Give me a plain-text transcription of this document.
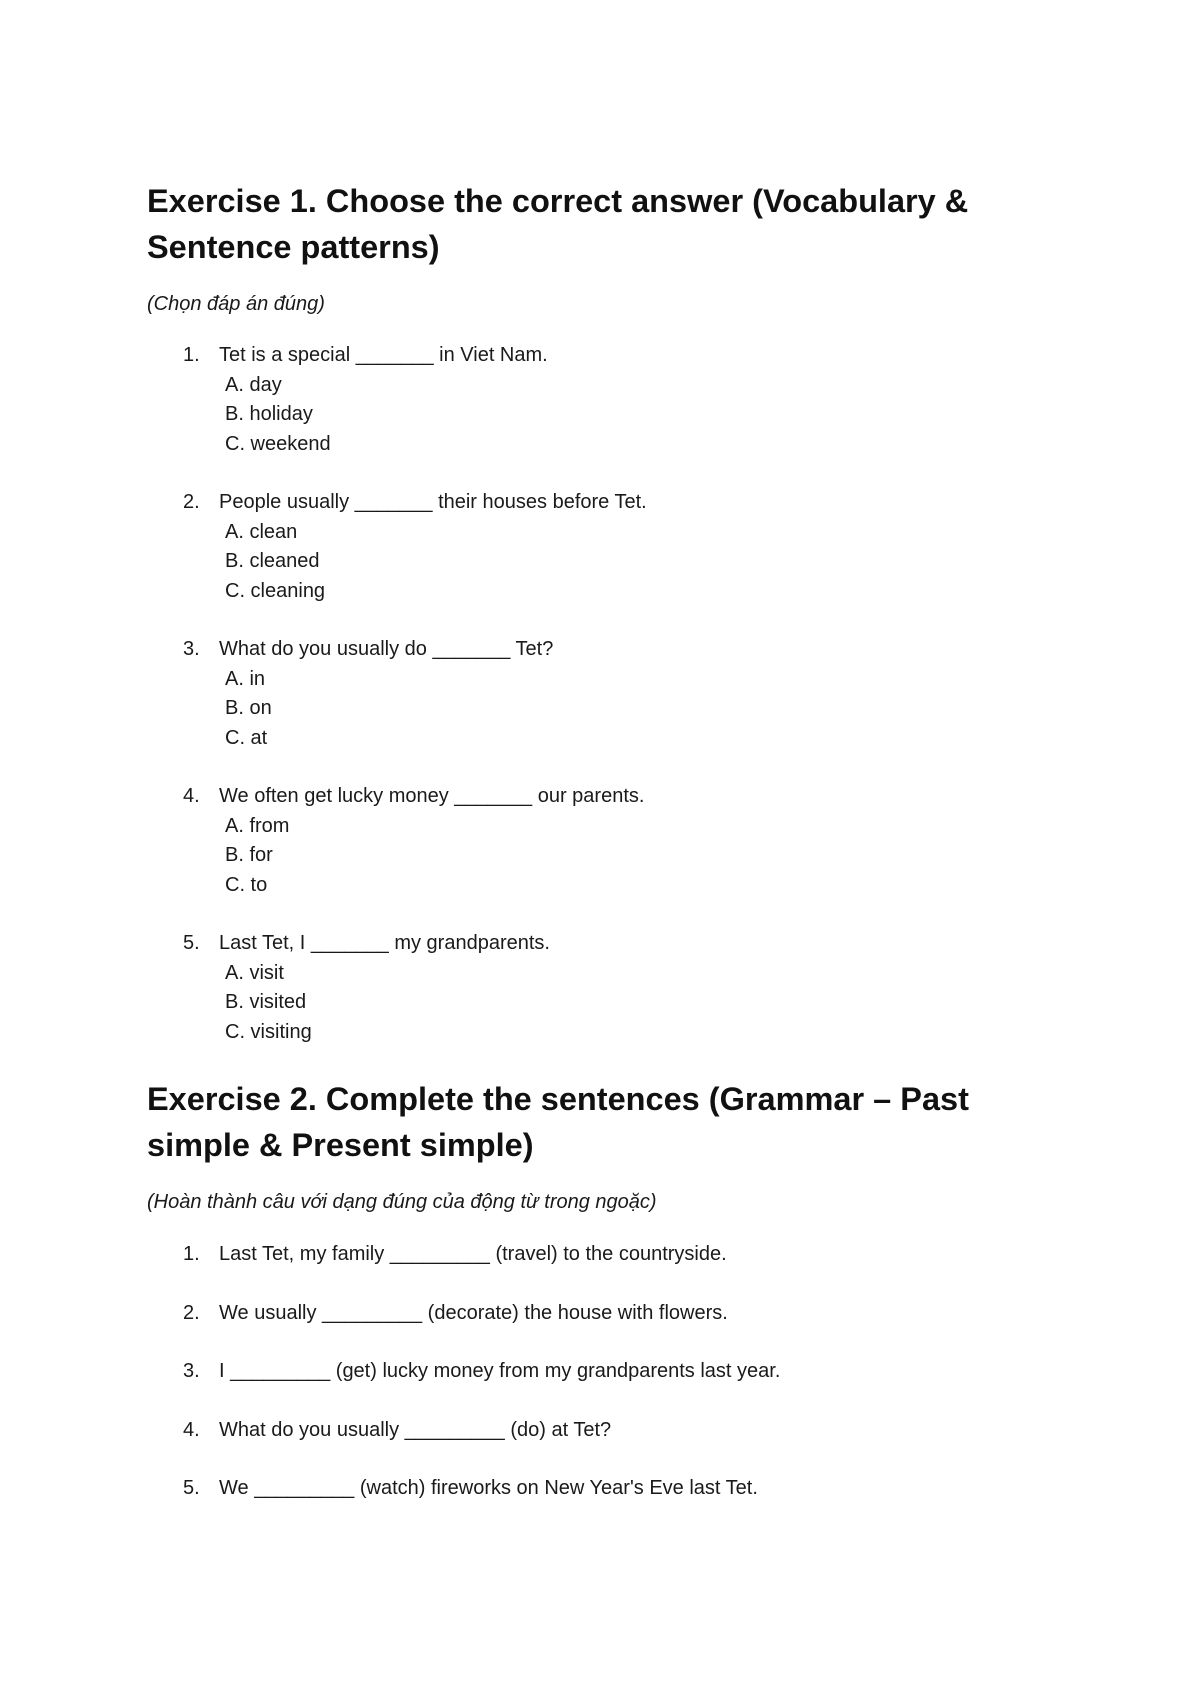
Exercise 1. Choose the correct answer (Vocabulary & Sentence patterns)

(Chọn đáp án đúng)

1. Tet is a special _______ in Viet Nam.
A. day
B. holiday
C. weekend
2. People usually _______ their houses before Tet.
A. clean
B. cleaned
C. cleaning
3. What do you usually do _______ Tet?
A. in
B. on
C. at
4. We often get lucky money _______ our parents.
A. from
B. for
C. to
5. Last Tet, I _______ my grandparents.
A. visit
B. visited
C. visiting
Exercise 2. Complete the sentences (Grammar – Past simple & Present simple)

(Hoàn thành câu với dạng đúng của động từ trong ngoặc)

1. Last Tet, my family _________ (travel) to the countryside.
2. We usually _________ (decorate) the house with flowers.
3. I _________ (get) lucky money from my grandparents last year.
4. What do you usually _________ (do) at Tet?
5. We _________ (watch) fireworks on New Year's Eve last Tet.
